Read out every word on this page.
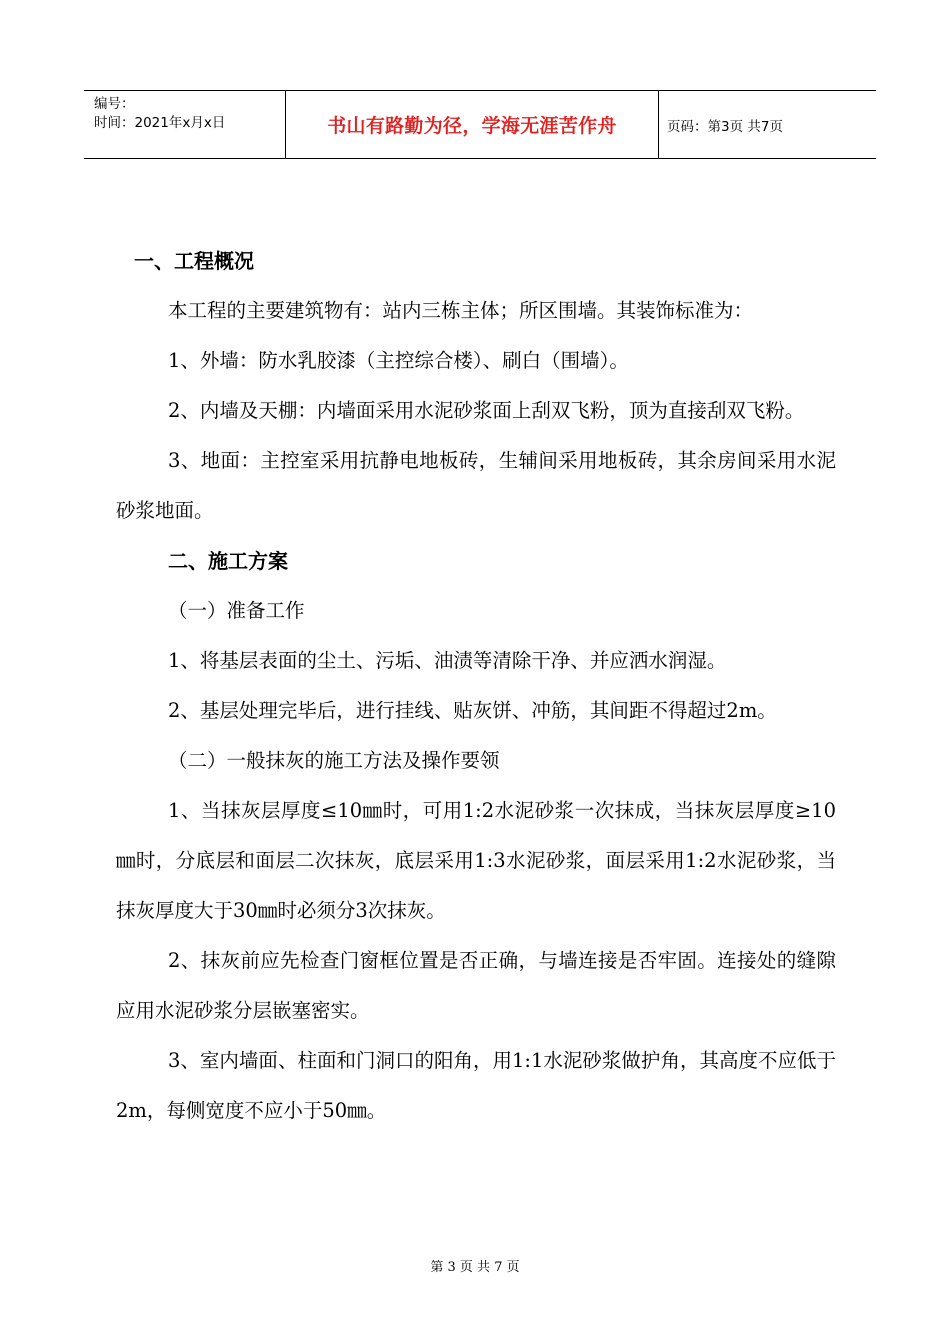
编号：
时间：2021年x月x日	书山有路勤为径，学海无涯苦作舟	页码：第3页 共7页

一、工程概况

本工程的主要建筑物有：站内三栋主体；所区围墙。其装饰标准为：

1、外墙：防水乳胶漆（主控综合楼）、刷白（围墙）。

2、内墙及天棚：内墙面采用水泥砂浆面上刮双飞粉，顶为直接刮双飞粉。

3、地面：主控室采用抗静电地板砖，生辅间采用地板砖，其余房间采用水泥砂浆地面。

二、施工方案

（一）准备工作

1、将基层表面的尘土、污垢、油渍等清除干净、并应洒水润湿。

2、基层处理完毕后，进行挂线、贴灰饼、冲筋，其间距不得超过2m。

（二）一般抹灰的施工方法及操作要领

1、当抹灰层厚度≤10㎜时，可用1:2水泥砂浆一次抹成，当抹灰层厚度≥10㎜时，分底层和面层二次抹灰，底层采用1:3水泥砂浆，面层采用1:2水泥砂浆，当抹灰厚度大于30㎜时必须分3次抹灰。

2、抹灰前应先检查门窗框位置是否正确，与墙连接是否牢固。连接处的缝隙应用水泥砂浆分层嵌塞密实。

3、室内墙面、柱面和门洞口的阳角，用1:1水泥砂浆做护角，其高度不应低于2m，每侧宽度不应小于50㎜。

第 3 页 共 7 页
